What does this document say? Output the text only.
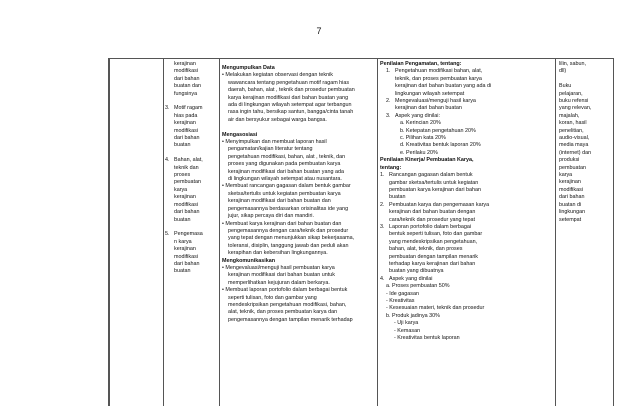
7
kerajinan
modifikasi
dari bahan
buatan dan
fungsinya
3. Motif ragam
hias pada
kerajinan
modifikasi
dari bahan
buatan
4. Bahan, alat,
teknik dan
proses
pembuatan
karya
kerajinan
modifikasi
dari bahan
buatan
5. Pengemasa
n karya
kerajinan
modifikasi
dari bahan
buatan
Mengumpulkan Data
• Melakukan kegiatan observasi dengan teknik
wawancara tentang pengetahuan motif ragam hias
daerah, bahan, alat , teknik dan prosedur pembuatan
karya kerajinan modifikasi dari bahan buatan yang
ada di lingkungan wilayah setempat agar terbangun
rasa ingin tahu, bersikap santun, bangga/cinta tanah
air dan bersyukur sebagai warga bangsa.
Mengasosiasi
• Menyimpulkan dan membuat laporan hasil
pengamatan/kajian literatur tentang
pengetahuan modifikasi, bahan, alat , teknik, dan
proses yang digunakan pada pembuatan karya
kerajinan modifikasi dari bahan buatan yang ada
di lingkungan wilayah setempat atau nusantara.
• Membuat rancangan gagasan dalam bentuk gambar
sketsa/tertulis untuk kegiatan pembuatan karya
kerajinan modifikasi dari bahan buatan dan
pengemasannya berdasarkan orisinalitas ide yang
jujur, sikap percaya diri dan mandiri.
• Membuat karya kerajinan dari bahan buatan dan
pengemasannya dengan cara/teknik dan prosedur
yang tepat dengan menunjukkan sikap bekerjasama,
toleransi, disiplin, tanggung jawab dan peduli akan
kerapihan dan kebersihan lingkungannya.
Mengkomunikasikan
• Mengevaluasi/menguji hasil pembuatan karya
kerajinan modifikasi dari bahan buatan untuk
memperlihatkan kejujuran dalam berkarya.
• Membuat laporan portofolio dalam berbagai bentuk
seperti tulisan, foto dan gambar yang
mendeskripsikan pengetahuan modifikasi, bahan,
alat, teknik, dan proses pembuatan karya dan
pengemasannya dengan tampilan menarik terhadap
Penilaian Pengamatan, tentang:
1. Pengetahuan modifikasi bahan, alat,
teknik, dan proses pembuatan karya
kerajinan dari bahan buatan yang ada di
lingkungan wilayah setempat
2. Mengevaluasi/menguji hasil karya
kerajinan dari bahan buatan
3. Aspek yang dinilai:
a. Kerincian 20%
b. Ketepatan pengetahuan 20%
c. Pilihan kata 20%
d. Kreativitas bentuk laporan 20%
e. Perilaku 20%
Penilaian Kinerja/ Pembuatan Karya,
tentang:
1. Rancangan gagasan dalam bentuk
gambar sketsa/tertulis untuk kegiatan
pembuatan karya kerajinan dari bahan
buatan
2. Pembuatan karya dan pengemasan karya
kerajinan dari bahan buatan dengan
cara/teknik dan prosedur yang tepat
3. Laporan portofolio dalam berbagai
bentuk seperti tulisan, foto dan gambar
yang mendeskripsikan pengetahuan,
bahan, alat, teknik, dan proses
pembuatan dengan tampilan menarik
terhadap karya kerajinan dari bahan
buatan yang dibuatnya
4. Aspek yang dinilai
a. Proses pembuatan 50%
- Ide gagasan
- Kreativitas
- Kesesuaian materi, teknik dan prosedur
b. Produk jadinya 30%
- Uji karya
- Kemasan
- Kreativitas bentuk laporan
lilin, sabun,
dll)
Buku
pelajaran,
buku refensi
yang relevan,
majalah,
koran, hasil
penelitian,
audio-visual,
media maya
(internet) dan
produksi
pembuatan
karya
kerajinan
modifikasi
dari bahan
buatan di
lingkungan
setempat
